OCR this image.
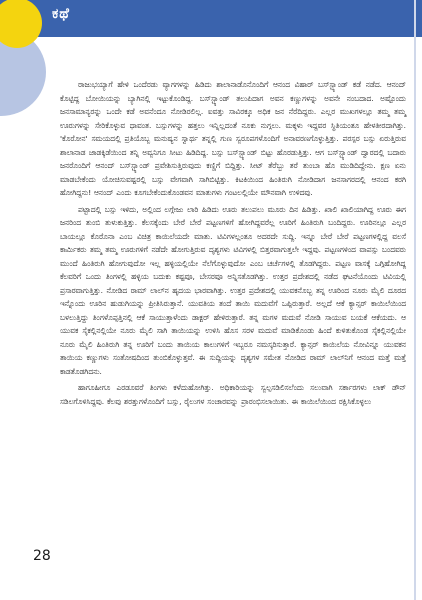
ಕಥೆ

ರಾಜುಭಯ್ಯಾಗೆ ಹೇಳಿ ಒಂದೆರಡು ವ್ಯಾಗಗಳನ್ನು ಹಿಡಿದು ಶಾಲಾನಾಡೊನೊಂದಿಗೆ ಆನಂದ ವಿಹಾರ್ ಬಸ್‌ಸ್ಟ್ಯಾಂಡ್ ಕಡೆ ನಡೆದ. ಆನಂದ್ ಕೊಟ್ಟಿದ್ದ ಬೋಯಿಯನ್ನು ಬ್ಯಾಗಿನಲ್ಲಿ ಇಟ್ಟುಕೊಂಡಿದ್ದ. ಬಸ್‌ಸ್ಟ್ಯಾಂಡ್ ತಲುಪಿದಾಗ ಅವನ ಕಣ್ಣುಗಳನ್ನು ಅವನೇ ನಂಬದಾದ. ಅಷ್ಟೊಂದು ಜನಸಾಮಾನ್ಯರನ್ನು ಒಂದೇ ಕಡೆ ಅವನೆಂದೂ ನೋಡಿರಲಿಲ್ಲ. ಐವತ್ತು ಸಾವಿರಕ್ಕೂ ಅಧಿಕ ಜನ ನೆರೆದಿದ್ದರು. ಎಲ್ಲರ ಮುಖಗಳಲ್ಲೂ ತಮ್ಮ ತಮ್ಮ ಊರುಗಳನ್ನು ಸೇರಿಕೊಳ್ಳುವ ಧಾವಂತ. ಬಸ್ಸುಗಳನ್ನು ಹತ್ತಲು ಇನ್ನಿಲ್ಲದಂತೆ ನೂಕು ನುಗ್ಗಲು. ಮಕ್ಕಳು ಇದ್ದವರ ಸ್ಥಿತಿಯಂತೂ ಹೇಳತೀರದಾಗಿತ್ತು. 'ಕೊರೋನ' ಸಮಯದಲ್ಲಿ ಪ್ರತಿಯೊಬ್ಬ ಮನುಷ್ಯನ ಸ್ವಾರ್ಥ ತನ್ನಲ್ಲಿ ಗುಣ ಸ್ವರೂಪಗಳೊಂದಿಗೆ ಅನಾವರಣಗೊಳ್ಳುತ್ತಿತ್ತು. ಪರಸ್ಪರ ಬಸ್ಸು ಏರುತ್ತಿರುವ ಶಾಲಾನಾಡ ಜಾಡಕ್ಕಿಡೆಯಿಂದ ತನ್ನಿ ಅವ್ವನಿಗೂ ಸೀಟು ಹಿಡಿದಿದ್ದ. ಬಸ್ಸು ಬಸ್‌ಸ್ಟ್ಯಾಂಡ್ ಬಿಟ್ಟು ಹೊರಡುತ್ತಿತ್ತು. ಆಗ ಬಸ್‌ಸ್ಟ್ಯಾಂಡ್ ದ್ವಾರದಲ್ಲಿ ಬದಾರು ಜನರೊಂದಿಗೆ ಆನಂದ್ ಬಸ್‌ಸ್ಟ್ಯಾಂಡ್ ಪ್ರವೇಶಿಸುತ್ತಿರುವುದು ಕಣ್ಣಿಗೆ ಬಿದ್ದಿತ್ತು. ಸೀಟ್ ತೆರೆಬ್ಬು ತರೆ ತುಂಬಾ ಹೊ ಮುಡಿದಿದ್ದೇನು. ಕ್ಷಣ ಏನು ಮಾಡಬೇಕೆಂದು ಯೋಚಿಸುವಷ್ಟರಲ್ಲಿ ಬಸ್ಸು ವೇಗವಾಗಿ ಸಾಗಿಬಿಟ್ಟಿತ್ತು. ಕಿಟಕಿಯಿಂದ ಹಿಂತಿರುಗಿ ನೋಡಿದಾಗ ಜನಸಾಗರದಲ್ಲಿ ಆನಂದ ಕರಗಿ ಹೋಗಿದ್ದನು! ಆನಂದ್ ಎಂದು ಕೂಗಬೇಕೆಂದುಕೊಂಡವನ ಮಾತುಗಳು ಗಂಟಲಲ್ಲಿಯೇ ಮೌನವಾಗಿ ಉಳಿದವು.

ಪಟ್ಟಾದಲ್ಲಿ ಬಸ್ಸು ಇಳಿದು, ಅಲ್ಲಿಂದ ಲಗ್ಗೇಜು ಲಾರಿ ಹಿಡಿದು ಊರು ತಲುಪಲು ಮೂರು ದಿನ ಹಿಡಿತ್ತು. ಖಾಲಿ ಖಾಲಿಯಾಗಿದ್ದ ಊರು ಈಗ ಜನರಿಂದ ತುಂಬಿ ತುಳುಕುತ್ತಿತ್ತು. ಕೆಲಸಕ್ಕೆಂದು ಬೇರೆ ಬೇರೆ ಪಟ್ಟಣಗಳಿಗೆ ಹೋಗಿದ್ದವರೆಲ್ಲ ಊರಿಗೆ ಹಿಂತಿರುಗಿ ಬಂದಿದ್ದರು. ಊರಿನಲ್ಲೂ ಎಲ್ಲರ ಬಾಯಲ್ಲೂ ಕೊರೊನಾ ಎಂಬ ವಿಚಿತ್ರ ಕಾಯಿಲೆಯದೇ ಮಾತು. ಟಿವಿಗಳಲ್ಲಂತೂ ಅದರದೇ ಸುದ್ದಿ. ಇನ್ನೂ ಬೇರೆ ಬೇರೆ ಪಟ್ಟಣಗಳಲ್ಲಿದ್ದ ವಲಸೆ ಕಾರ್ಮಿಕರು ತಮ್ಮ ತಮ್ಮ ಊರುಗಳಿಗೆ ನಡೆದೇ ಹೋಗುತ್ತಿರುವ ದೃಶ್ಯಗಳು ಟಿವಿಗಳಲ್ಲಿ ಬಿತ್ತರವಾಗುತ್ತಲೇ ಇದ್ದವು. ಪಟ್ಟಣಗಳಿಂದ ವಾಪಸ್ಸು ಬಂದವರು ಮುಂದೆ ಹಿಂತಿರುಗಿ ಹೋಗುವುದೋ ಇಲ್ಲ ಹಳ್ಳಿಯಲ್ಲಿಯೇ ನೆಲೆಗೊಳ್ಳುವುದೋ ಎಂಬ ಚರ್ಚೆಗಳಲ್ಲಿ ತೊಡಗಿದ್ದರು. ಪಟ್ಟಣ ವಾಸಕ್ಕೆ ಒಗ್ಗಿಹೋಗಿದ್ದ ಕೆಲವರಿಗೆ ಒಂದು ತಿಂಗಳಲ್ಲಿ ಹಳ್ಳಿಯ ಬದುಕು ಕಷ್ಟವೂ, ಬೇಸರವೂ ಅನ್ನಿಸತೊಡಗಿತ್ತು. ಉತ್ತರ ಪ್ರದೇಶದಲ್ಲಿ ನಡೆದ ಘಟನೆಯೊಂದು ಟಿವಿಯಲ್ಲಿ ಪ್ರಸಾರವಾಗುತ್ತಿತ್ತು. ನೋಡಿದ ರಾಮ್ ಲಾಲ್‌ನ ಹೃದಯ ಭಾರವಾಗಿತ್ತು. ಉತ್ತರ ಪ್ರದೇಶದಲ್ಲಿ ಯುವಕನೊಬ್ಬ ತನ್ನ ಊರಿಂದ ನೂರು ಮೈಲಿ ದೂರದ ಇನ್ನೊಂದು ಊರಿನ ಹುಡುಗಿಯನ್ನು ಪ್ರೀತಿಸಿರುತ್ತಾನೆ. ಯುವತಿಯ ತಂದೆ ತಾಯಿ ಮದುವೆಗೆ ಒಪ್ಪಿರುತ್ತಾರೆ. ಅಲ್ಲದೆ ಆಕೆ ಕ್ಯಾನ್ಸರ್ ಕಾಯಿಲೆಯಿಂದ ಬಳಲುತ್ತಿದ್ದು ತಿಂಗಳೊಪ್ಪತ್ತಿನಲ್ಲಿ ಆಕೆ ಸಾಯುತ್ತಾಳೆಂದು ಡಾಕ್ಟರ್ ಹೇಳಿರುತ್ತಾರೆ. ತನ್ನ ಮಗಳ ಮದುವೆ ನೋಡಿ ಸಾಯುವ ಬಯಕೆ ಆಕೆಯದು. ಆ ಯುವಕ ಸೈಕಲ್ಲಿನಲ್ಲಿಯೇ ನೂರು ಮೈಲಿ ಸಾಗಿ ತಾಯಿಯನ್ನು ಉಳಿಸಿ ಹೊಸ ಸರಳ ಮದುವೆ ಮಾಡಿಕೊಂಡು ಹಿಂದೆ ಕುಳಿತುಕೊಂಡ ಸೈಕಲ್ಲಿನಲ್ಲಿಯೇ ನೂರು ಮೈಲಿ ಹಿಂತಿರುಗಿ ತನ್ನ ಊರಿಗೆ ಬಂದು ತಾಯಿಯ ಕಾಲುಗಳಿಗೆ ಇಬ್ಬರೂ ನಮಸ್ಕರಿಸುತ್ತಾರೆ. ಕ್ಯಾನ್ಸರ್ ಕಾಯಿಲೆಯ ನೋವಿನ್ನೂ ಯುವಕನ ತಾಯಿಯ ಕಣ್ಣುಗಳು ಸಂತೋಷದಿಂದ ತುಂಬಿಕೊಳ್ಳುತ್ತವೆ. ಈ ಸುದ್ದಿಯನ್ನು ದೃಶ್ಯಗಳ ಸಮೇತ ನೋಡಿದ ರಾಮ್ ಲಾಲ್‌ನಿಗೆ ಆನಂದ ಮತ್ತೆ ಮತ್ತೆ ಕಾಡತೊಡಗಿದನು.

ಹಾಗೂಹೀಗೂ ಎರಡೂವರೆ ತಿಂಗಳು ಕಳೆದುಹೋಗಿತ್ತು. ಅಧಿಕಾರಿಯನ್ನು ಸ್ವಲ್ಪಸಡಿಲಿಸಲೆಂದು ಸಲುವಾಗಿ ಸರ್ಕಾರಗಳು ಲಾಕ್ ಡೌನ್ ಸಡಿಲಗೊಳಿಸಿದ್ದವು. ಕೆಲವು ಶರತ್ತುಗಳೊಂದಿಗೆ ಬಸ್ಸು, ರೈಲುಗಳ ಸಂಚಾರವನ್ನು ಪ್ರಾರಂಭಿಸಲಾಯಿತು. ಈ ಕಾಯಿಲೆಯಿಂದ ರಕ್ಷಿಸಿಕೊಳ್ಳಲು

28
